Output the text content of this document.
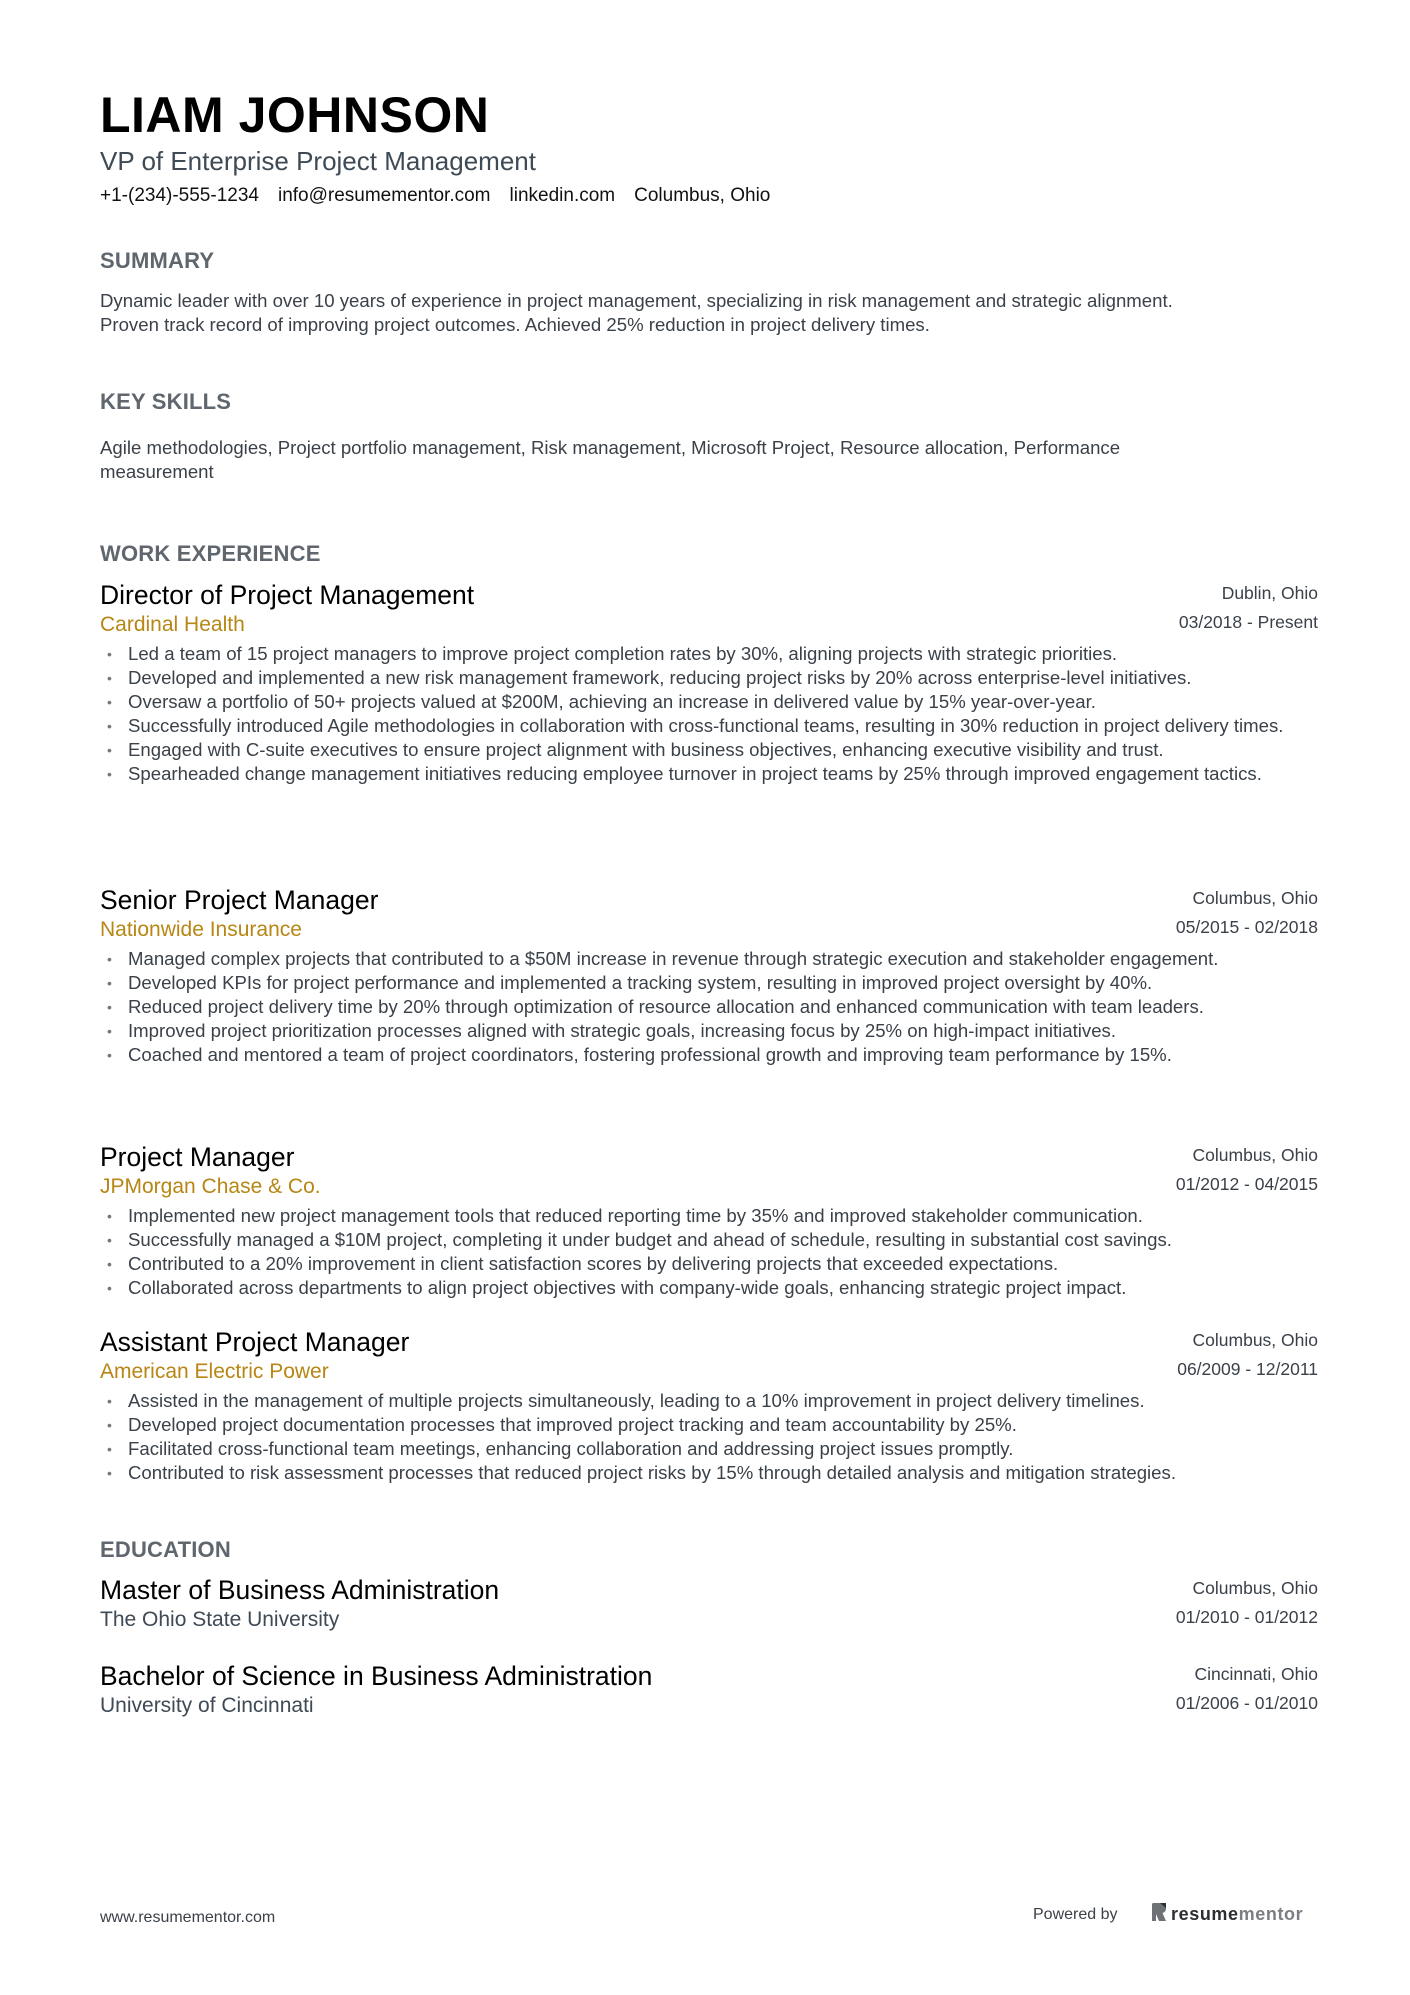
LIAM JOHNSON
VP of Enterprise Project Management
+1-(234)-555-1234 info@resumementor.com linkedin.com Columbus, Ohio
SUMMARY
Dynamic leader with over 10 years of experience in project management, specializing in risk management and strategic alignment.
Proven track record of improving project outcomes. Achieved 25% reduction in project delivery times.
KEY SKILLS
Agile methodologies, Project portfolio management, Risk management, Microsoft Project, Resource allocation, Performance
measurement
WORK EXPERIENCE
Director of Project Management
Cardinal Health
Dublin, Ohio
03/2018 - Present
• Led a team of 15 project managers to improve project completion rates by 30%, aligning projects with strategic priorities.
• Developed and implemented a new risk management framework, reducing project risks by 20% across enterprise-level initiatives.
• Oversaw a portfolio of 50+ projects valued at $200M, achieving an increase in delivered value by 15% year-over-year.
• Successfully introduced Agile methodologies in collaboration with cross-functional teams, resulting in 30% reduction in project delivery times.
• Engaged with C-suite executives to ensure project alignment with business objectives, enhancing executive visibility and trust.
• Spearheaded change management initiatives reducing employee turnover in project teams by 25% through improved engagement tactics.
Senior Project Manager
Nationwide Insurance
Columbus, Ohio
05/2015 - 02/2018
• Managed complex projects that contributed to a $50M increase in revenue through strategic execution and stakeholder engagement.
• Developed KPIs for project performance and implemented a tracking system, resulting in improved project oversight by 40%.
• Reduced project delivery time by 20% through optimization of resource allocation and enhanced communication with team leaders.
• Improved project prioritization processes aligned with strategic goals, increasing focus by 25% on high-impact initiatives.
• Coached and mentored a team of project coordinators, fostering professional growth and improving team performance by 15%.
Project Manager
JPMorgan Chase & Co.
Columbus, Ohio
01/2012 - 04/2015
• Implemented new project management tools that reduced reporting time by 35% and improved stakeholder communication.
• Successfully managed a $10M project, completing it under budget and ahead of schedule, resulting in substantial cost savings.
• Contributed to a 20% improvement in client satisfaction scores by delivering projects that exceeded expectations.
• Collaborated across departments to align project objectives with company-wide goals, enhancing strategic project impact.
Assistant Project Manager
American Electric Power
Columbus, Ohio
06/2009 - 12/2011
• Assisted in the management of multiple projects simultaneously, leading to a 10% improvement in project delivery timelines.
• Developed project documentation processes that improved project tracking and team accountability by 25%.
• Facilitated cross-functional team meetings, enhancing collaboration and addressing project issues promptly.
• Contributed to risk assessment processes that reduced project risks by 15% through detailed analysis and mitigation strategies.
EDUCATION
Master of Business Administration
The Ohio State University
Columbus, Ohio
01/2010 - 01/2012
Bachelor of Science in Business Administration
University of Cincinnati
Cincinnati, Ohio
01/2006 - 01/2010
www.resumementor.com	Powered by	resumementor
